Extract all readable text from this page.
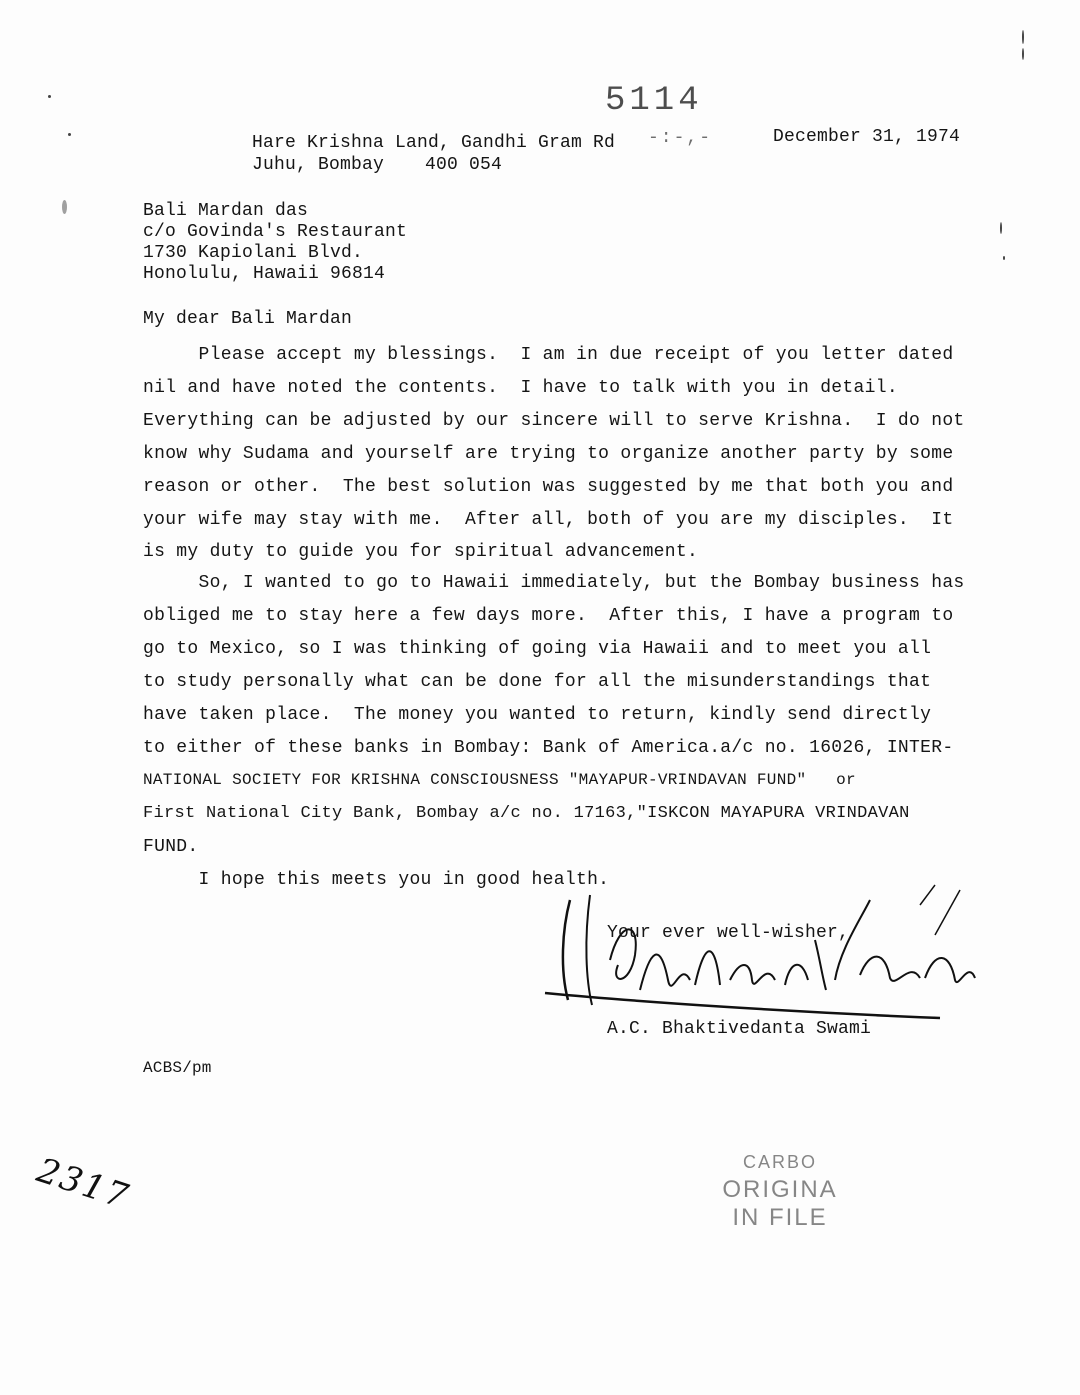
5114
-:-,-
Hare Krishna Land, Gandhi Gram Rd
Juhu, Bombay 400 054
December 31, 1974
Bali Mardan das
c/o Govinda's Restaurant
1730 Kapiolani Blvd.
Honolulu, Hawaii 96814
My dear Bali Mardan
Please accept my blessings.  I am in due receipt of you letter dated
nil and have noted the contents.  I have to talk with you in detail.
Everything can be adjusted by our sincere will to serve Krishna.  I do not
know why Sudama and yourself are trying to organize another party by some
reason or other.  The best solution was suggested by me that both you and
your wife may stay with me.  After all, both of you are my disciples.  It
is my duty to guide you for spiritual advancement.
So, I wanted to go to Hawaii immediately, but the Bombay business has
obliged me to stay here a few days more.  After this, I have a program to
go to Mexico, so I was thinking of going via Hawaii and to meet you all
to study personally what can be done for all the misunderstandings that
have taken place.  The money you wanted to return, kindly send directly
to either of these banks in Bombay: Bank of America.a/c no. 16026, INTER-
NATIONAL SOCIETY FOR KRISHNA CONSCIOUSNESS "MAYAPUR-VRINDAVAN FUND"   or
First National City Bank, Bombay a/c no. 17163,"ISKCON MAYAPURA VRINDAVAN
FUND.
I hope this meets you in good health.
Your ever well-wisher,
A.C. Bhaktivedanta Swami
ACBS/pm
2317	CARBO
ORIGINA
IN FILE
